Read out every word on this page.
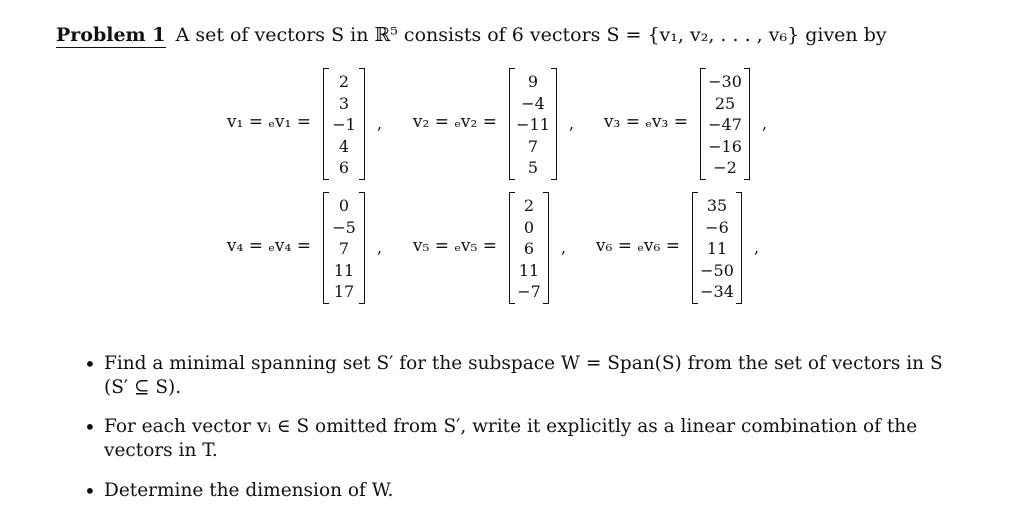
Problem 1 A set of vectors S in ℝ⁵ consists of 6 vectors S = {v₁, v₂, . . . , v₆} given by
v₁ = ₑv₁ =
2
3
−1
4
6
, v₂ = ₑv₂ =
9
−4
−11
7
5
, v₃ = ₑv₃ =
−30
25
−47
−16
−2
,
v₄ = ₑv₄ =
0
−5
7
11
17
, v₅ = ₑv₅ =
2
0
6
11
−7
, v₆ = ₑv₆ =
35
−6
11
−50
−34
,
• Find a minimal spanning set S′ for the subspace W = Span(S) from the set of vectors in S (S′ ⊆ S).
• For each vector vᵢ ∈ S omitted from S′, write it explicitly as a linear combination of the vectors in T.
• Determine the dimension of W.
